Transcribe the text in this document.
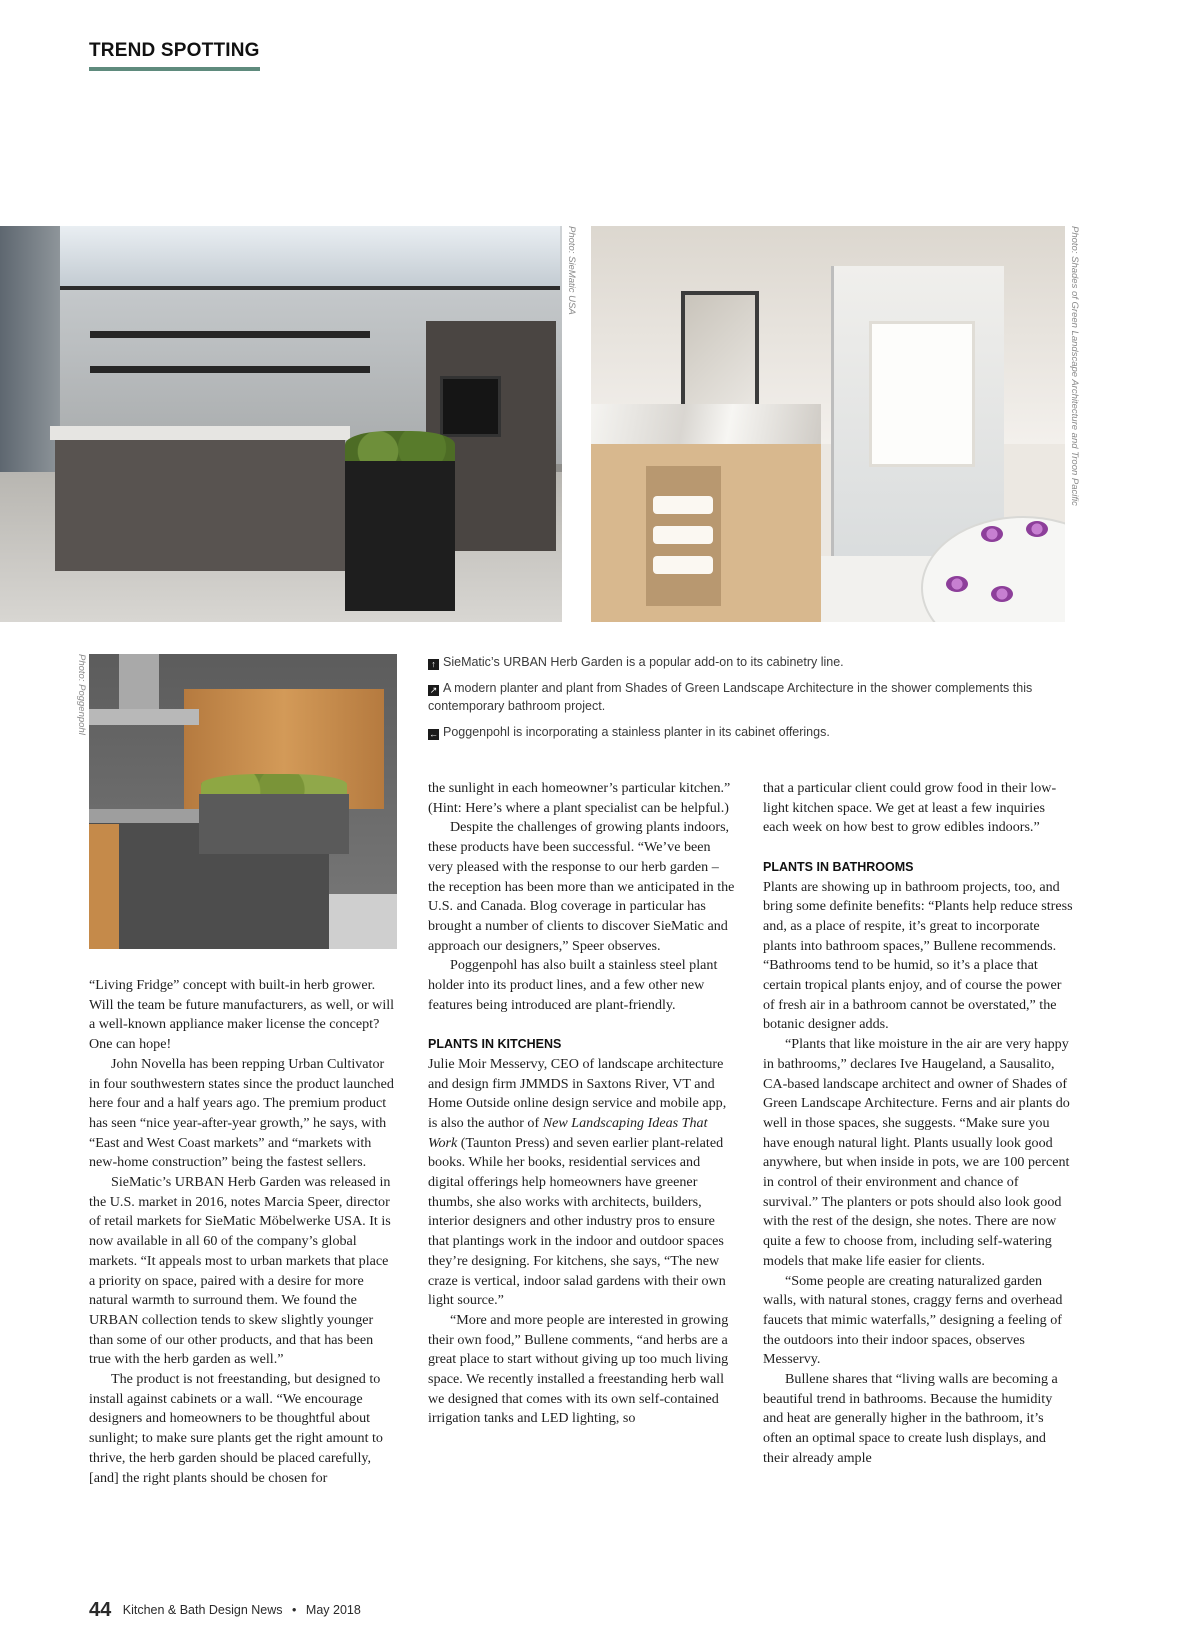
TREND SPOTTING
Photo: SieMatic USA	Photo: Shades of Green Landscape Architecture and Troon Pacific
Photo: Poggenpohl	↑ SieMatic’s URBAN Herb Garden is a popular add-on to its cabinetry line.

↗ A modern planter and plant from Shades of Green Landscape Architecture in the shower complements this contemporary bathroom project.

← Poggenpohl is incorporating a stainless planter in its cabinet offerings.

“Living Fridge” concept with built-in herb grower. Will the team be future manufacturers, as well, or will a well-known appliance maker license the concept? One can hope!

John Novella has been repping Urban Cultivator in four southwestern states since the product launched here four and a half years ago. The premium product has seen “nice year-after-year growth,” he says, with “East and West Coast markets” and “markets with new-home construction” being the fastest sellers.

SieMatic’s URBAN Herb Garden was released in the U.S. market in 2016, notes Marcia Speer, director of retail markets for SieMatic Möbelwerke USA. It is now available in all 60 of the company’s global markets. “It appeals most to urban markets that place a priority on space, paired with a desire for more natural warmth to surround them. We found the URBAN collection tends to skew slightly younger than some of our other products, and that has been true with the herb garden as well.”

The product is not freestanding, but designed to install against cabinets or a wall. “We encourage designers and homeowners to be thoughtful about sunlight; to make sure plants get the right amount to thrive, the herb garden should be placed carefully, [and] the right plants should be chosen for

the sunlight in each homeowner’s particular kitchen.” (Hint: Here’s where a plant specialist can be helpful.)

Despite the challenges of growing plants indoors, these products have been successful. “We’ve been very pleased with the response to our herb garden – the reception has been more than we anticipated in the U.S. and Canada. Blog coverage in particular has brought a number of clients to discover SieMatic and approach our designers,” Speer observes.

Poggenpohl has also built a stainless steel plant holder into its product lines, and a few other new features being introduced are plant-friendly.

PLANTS IN KITCHENS

Julie Moir Messervy, CEO of landscape architecture and design firm JMMDS in Saxtons River, VT and Home Outside online design service and mobile app, is also the author of New Landscaping Ideas That Work (Taunton Press) and seven earlier plant-related books. While her books, residential services and digital offerings help homeowners have greener thumbs, she also works with architects, builders, interior designers and other industry pros to ensure that plantings work in the indoor and outdoor spaces they’re designing. For kitchens, she says, “The new craze is vertical, indoor salad gardens with their own light source.”

“More and more people are interested in growing their own food,” Bullene comments, “and herbs are a great place to start without giving up too much living space. We recently installed a freestanding herb wall we designed that comes with its own self-contained irrigation tanks and LED lighting, so

that a particular client could grow food in their low-light kitchen space. We get at least a few inquiries each week on how best to grow edibles indoors.”

PLANTS IN BATHROOMS

Plants are showing up in bathroom projects, too, and bring some definite benefits: “Plants help reduce stress and, as a place of respite, it’s great to incorporate plants into bathroom spaces,” Bullene recommends. “Bathrooms tend to be humid, so it’s a place that certain tropical plants enjoy, and of course the power of fresh air in a bathroom cannot be overstated,” the botanic designer adds.

“Plants that like moisture in the air are very happy in bathrooms,” declares Ive Haugeland, a Sausalito, CA-based landscape architect and owner of Shades of Green Landscape Architecture. Ferns and air plants do well in those spaces, she suggests. “Make sure you have enough natural light. Plants usually look good anywhere, but when inside in pots, we are 100 percent in control of their environment and chance of survival.” The planters or pots should also look good with the rest of the design, she notes. There are now quite a few to choose from, including self-watering models that make life easier for clients.

“Some people are creating naturalized garden walls, with natural stones, craggy ferns and overhead faucets that mimic waterfalls,” designing a feeling of the outdoors into their indoor spaces, observes Messervy.

Bullene shares that “living walls are becoming a beautiful trend in bathrooms. Because the humidity and heat are generally higher in the bathroom, it’s often an optimal space to create lush displays, and their already ample

44 Kitchen & Bath Design News • May 2018
